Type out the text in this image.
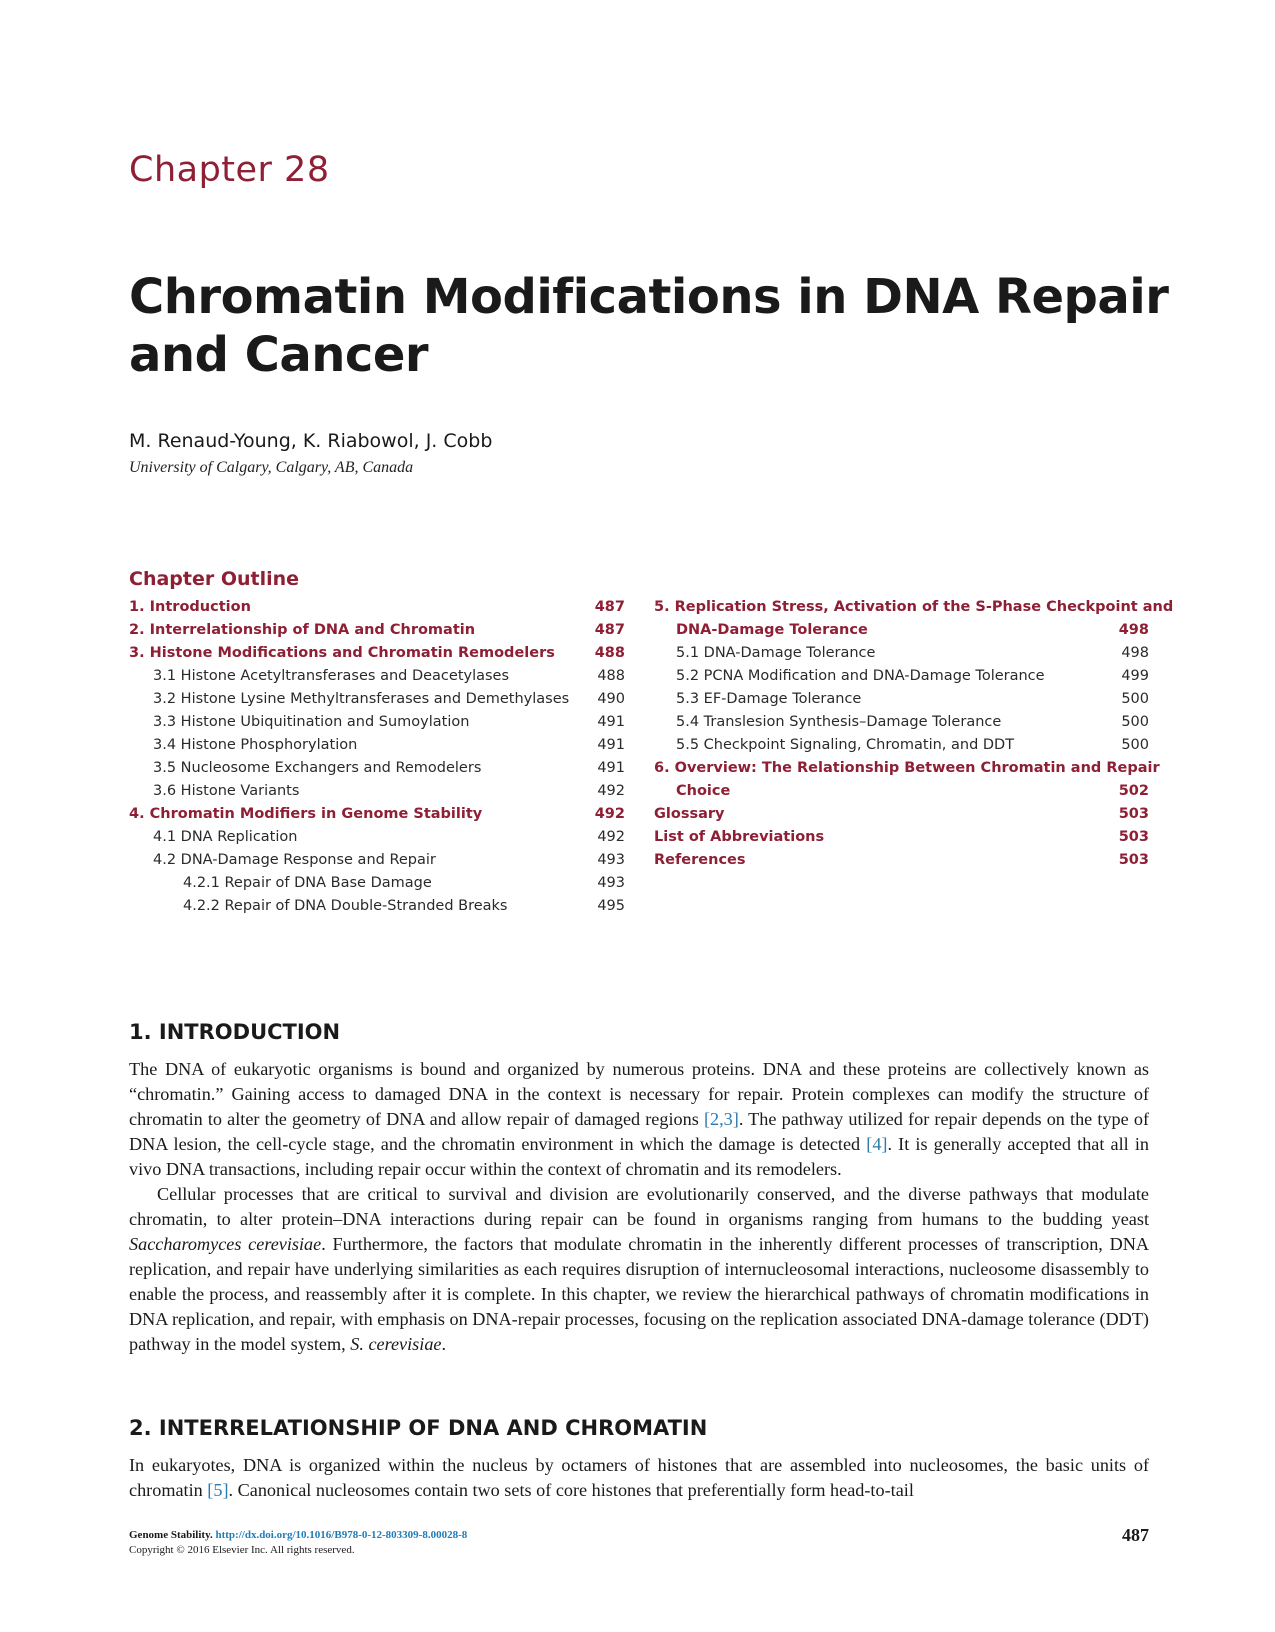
Chapter 28
Chromatin Modifications in DNA Repair
and Cancer
M. Renaud-Young, K. Riabowol, J. Cobb
University of Calgary, Calgary, AB, Canada
Chapter Outline
1. Introduction	487
2. Interrelationship of DNA and Chromatin	487
3. Histone Modifications and Chromatin Remodelers	488
3.1 Histone Acetyltransferases and Deacetylases	488
3.2 Histone Lysine Methyltransferases and Demethylases 490
3.3 Histone Ubiquitination and Sumoylation	491
3.4 Histone Phosphorylation	491
3.5 Nucleosome Exchangers and Remodelers	491
3.6 Histone Variants	492
4. Chromatin Modifiers in Genome Stability	492
4.1 DNA Replication	492
4.2 DNA-Damage Response and Repair	493
4.2.1 Repair of DNA Base Damage	493
4.2.2 Repair of DNA Double-Stranded Breaks	495
5. Replication Stress, Activation of the S-Phase Checkpoint and
DNA-Damage Tolerance	498
5.1 DNA-Damage Tolerance	498
5.2 PCNA Modification and DNA-Damage Tolerance	499
5.3 EF-Damage Tolerance	500
5.4 Translesion Synthesis–Damage Tolerance	500
5.5 Checkpoint Signaling, Chromatin, and DDT	500
6. Overview: The Relationship Between Chromatin and Repair
Choice	502
Glossary	503
List of Abbreviations	503
References	503
1. INTRODUCTION

The DNA of eukaryotic organisms is bound and organized by numerous proteins. DNA and these proteins are collectively known as “chromatin.” Gaining access to damaged DNA in the context is necessary for repair. Protein complexes can modify the structure of chromatin to alter the geometry of DNA and allow repair of damaged regions [2,3]. The pathway utilized for repair depends on the type of DNA lesion, the cell-cycle stage, and the chromatin environment in which the damage is detected [4]. It is generally accepted that all in vivo DNA transactions, including repair occur within the context of chromatin and its remodelers.

Cellular processes that are critical to survival and division are evolutionarily conserved, and the diverse pathways that modulate chromatin, to alter protein–DNA interactions during repair can be found in organisms ranging from humans to the budding yeast Saccharomyces cerevisiae. Furthermore, the factors that modulate chromatin in the inherently different processes of transcription, DNA replication, and repair have underlying similarities as each requires disruption of internucleosomal interactions, nucleosome disassembly to enable the process, and reassembly after it is complete. In this chapter, we review the hierarchical pathways of chromatin modifications in DNA replication, and repair, with emphasis on DNA-repair processes, focusing on the replication associated DNA-damage tolerance (DDT) pathway in the model system, S. cerevisiae.

2. INTERRELATIONSHIP OF DNA AND CHROMATIN

In eukaryotes, DNA is organized within the nucleus by octamers of histones that are assembled into nucleosomes, the basic units of chromatin [5]. Canonical nucleosomes contain two sets of core histones that preferentially form head-to-tail

Genome Stability. http://dx.doi.org/10.1016/B978-0-12-803309-8.00028-8
Copyright © 2016 Elsevier Inc. All rights reserved.
487
